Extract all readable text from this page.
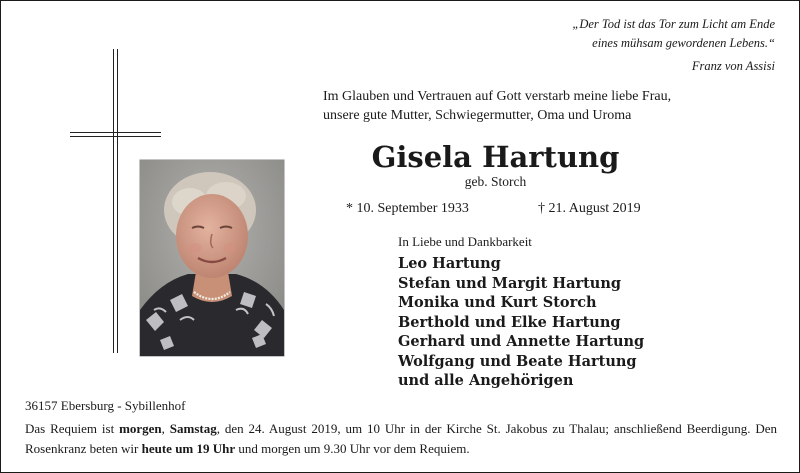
„Der Tod ist das Tor zum Licht am Ende
eines mühsam gewordenen Lebens.“
Franz von Assisi
Im Glauben und Vertrauen auf Gott verstarb meine liebe Frau,
unsere gute Mutter, Schwiegermutter, Oma und Uroma
Gisela Hartung
geb. Storch
* 10. September 1933	† 21. August 2019
In Liebe und Dankbarkeit
Leo Hartung
Stefan und Margit Hartung
Monika und Kurt Storch
Berthold und Elke Hartung
Gerhard und Annette Hartung
Wolfgang und Beate Hartung
und alle Angehörigen
36157 Ebersburg - Sybillenhof
Das Requiem ist morgen, Samstag, den 24. August 2019, um 10 Uhr in der Kirche St. Jakobus zu Thalau; anschließend Beerdigung. Den Rosenkranz beten wir heute um 19 Uhr und morgen um 9.30 Uhr vor dem Requiem.
